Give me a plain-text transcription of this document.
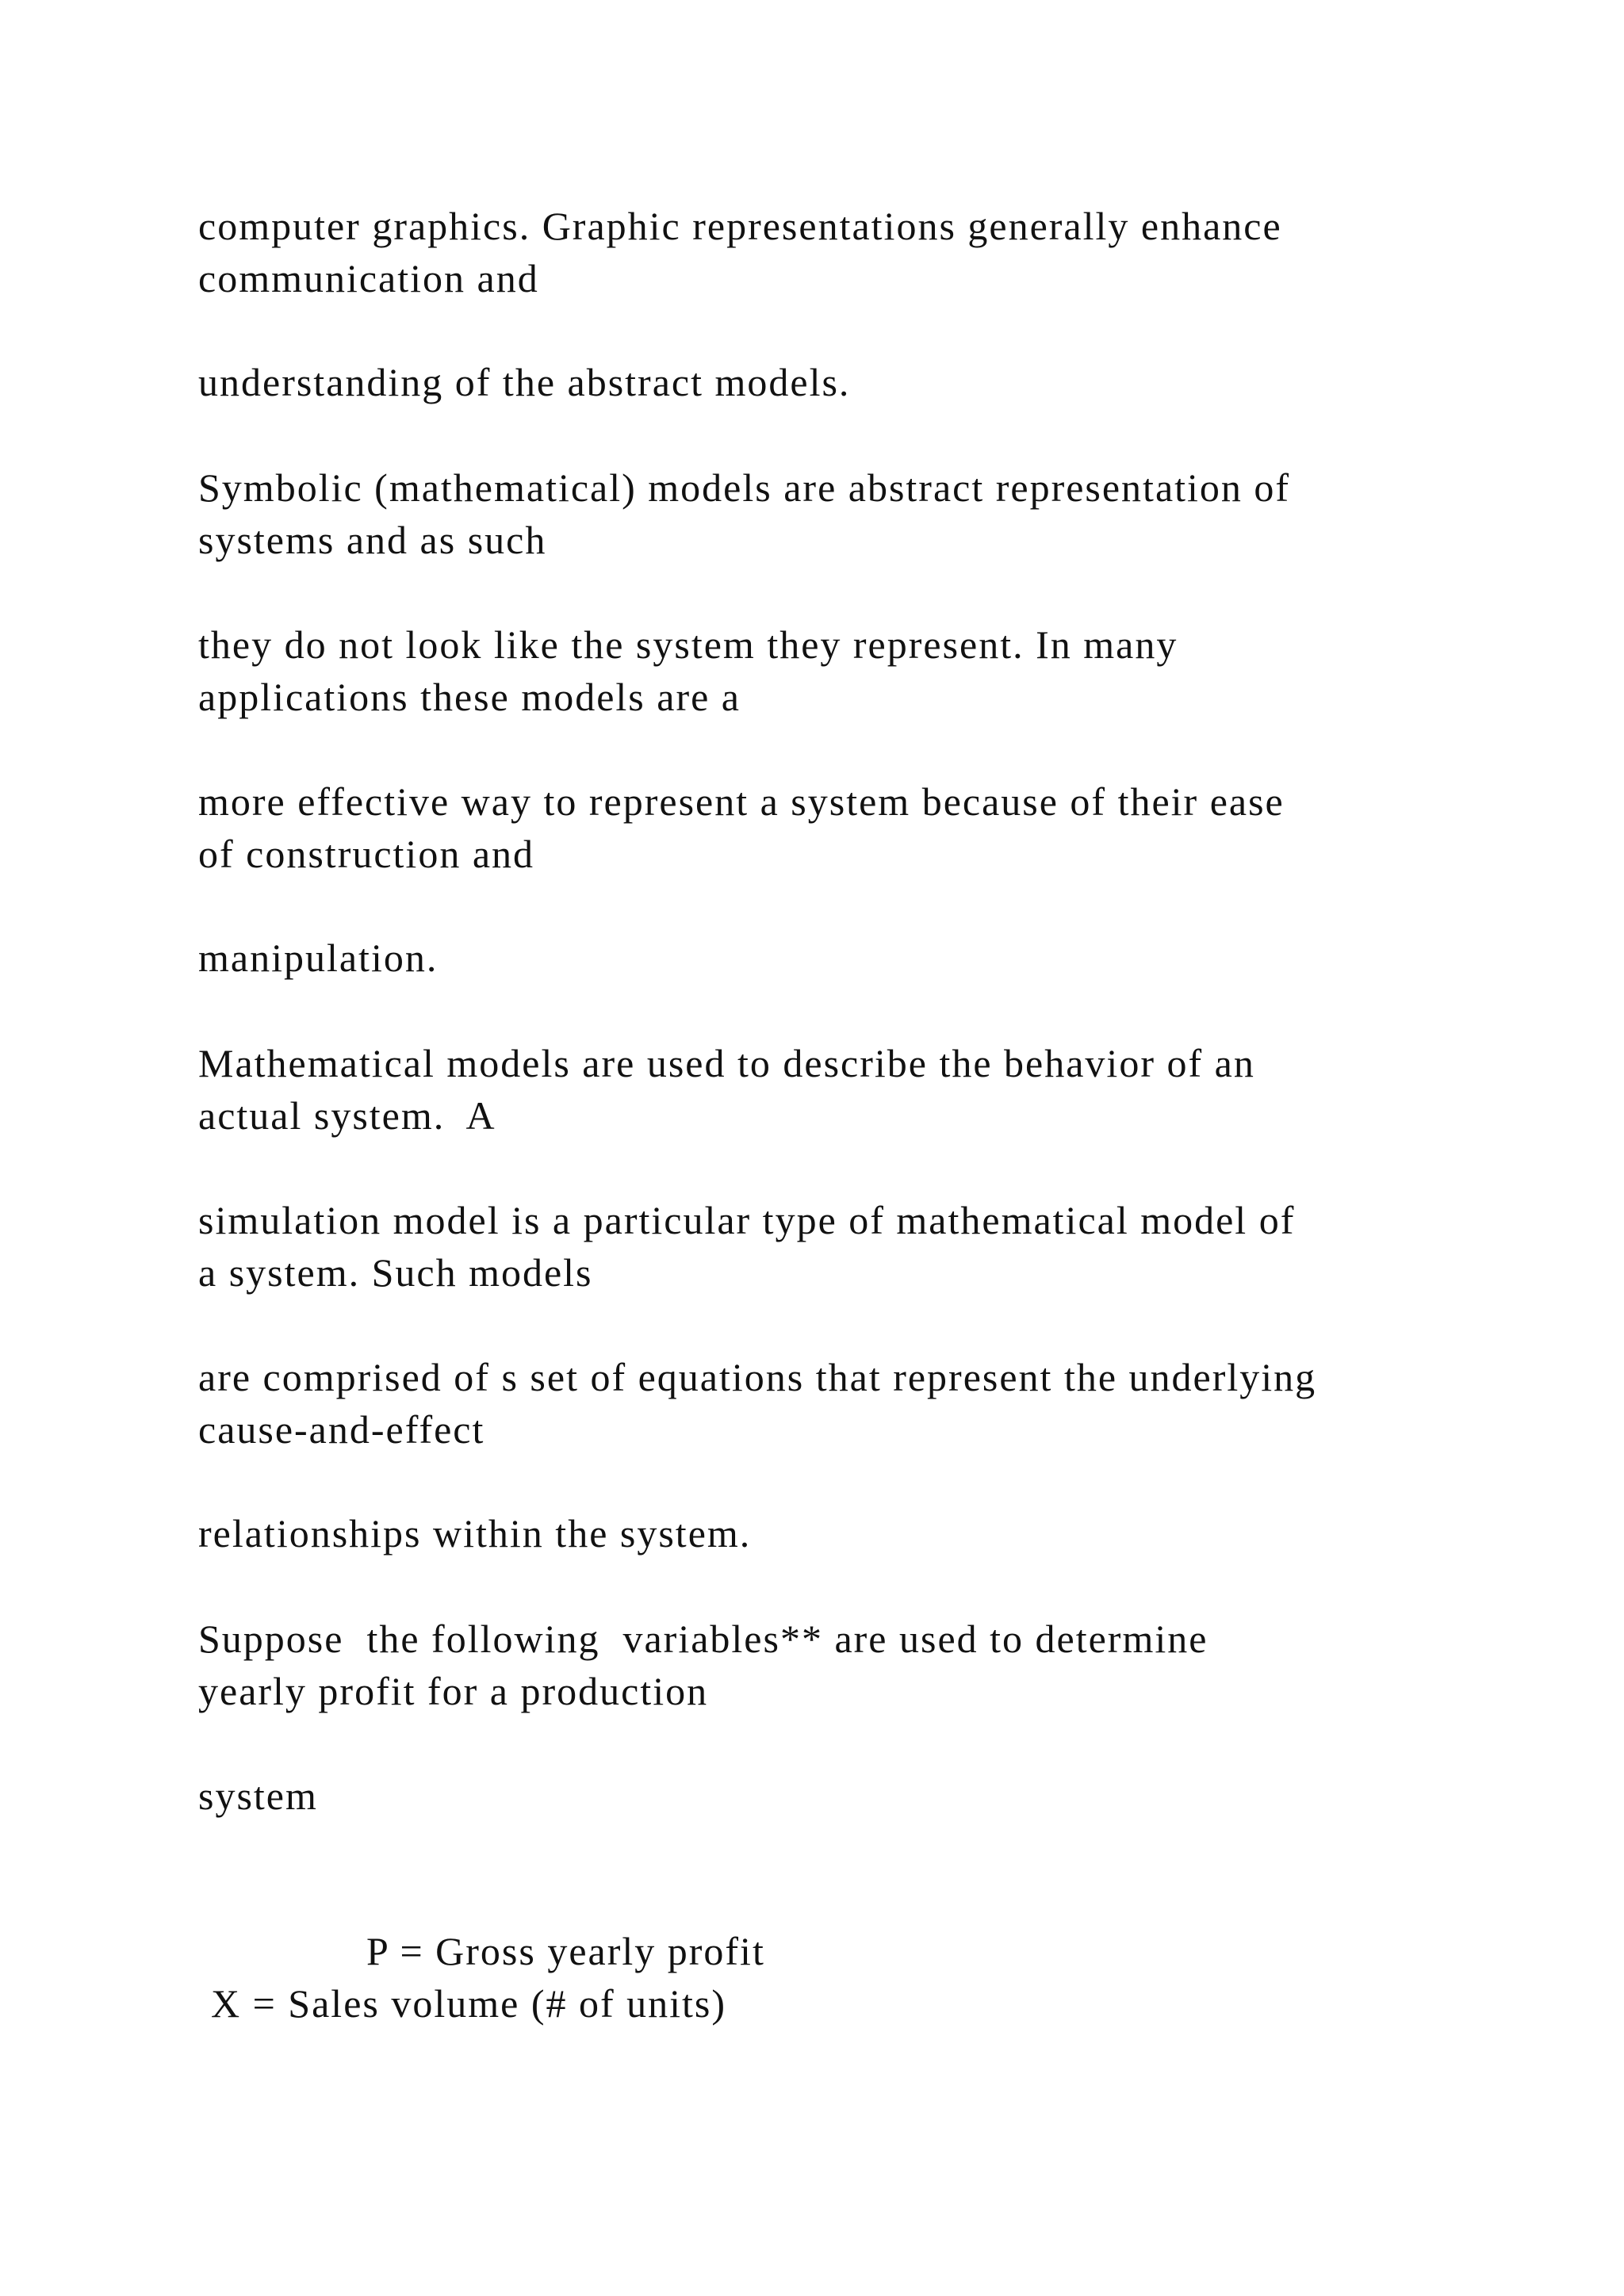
computer graphics. Graphic representations generally enhance

communication and

understanding of the abstract models.

Symbolic (mathematical) models are abstract representation of

systems and as such

they do not look like the system they represent. In many

applications these models are a

more effective way to represent a system because of their ease

of construction and

manipulation.

Mathematical models are used to describe the behavior of an

actual system.  A

simulation model is a particular type of mathematical model of

a system. Such models

are comprised of s set of equations that represent the underlying

cause-and-effect

relationships within the system.

Suppose  the following  variables** are used to determine

yearly profit for a production

system

P = Gross yearly profit

X = Sales volume (# of units)
